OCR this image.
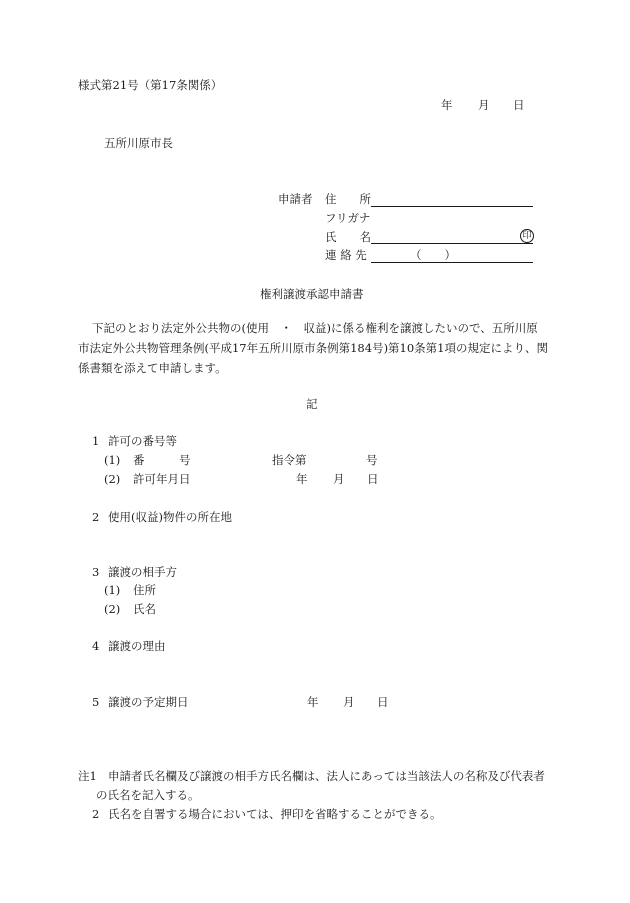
様式第21号（第17条関係）
年 月 日
五所川原市長
申請者 住　　所
フリガナ
氏　　名	印
連 絡 先	（　　）
権利譲渡承認申請書
下記のとおり法定外公共物の(使用　・　収益)に係る権利を譲渡したいので、五所川原
市法定外公共物管理条例(平成17年五所川原市条例第184号)第10条第1項の規定により、関
係書類を添えて申請します。
記
1 許可の番号等
(1) 番　　　号	指令第	号
(2) 許可年月日	年 月 日
2 使用(収益)物件の所在地
3 譲渡の相手方
(1) 住所
(2) 氏名
4 譲渡の理由
5 譲渡の予定期日	年 月 日
注1 申請者氏名欄及び譲渡の相手方氏名欄は、法人にあっては当該法人の名称及び代表者
の氏名を記入する。
2 氏名を自署する場合においては、押印を省略することができる。
